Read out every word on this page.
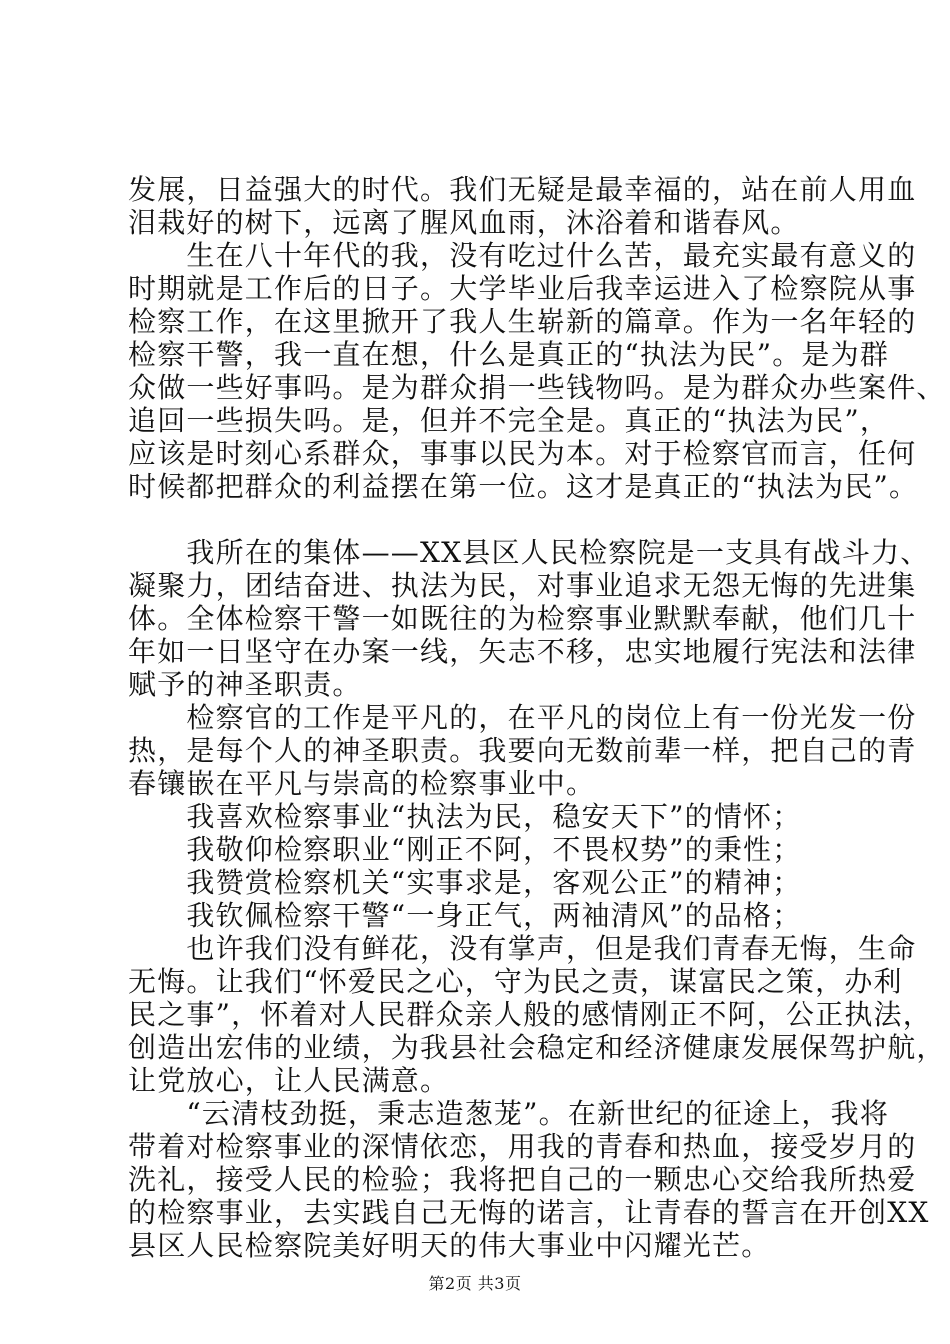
发展，日益强大的时代。我们无疑是最幸福的，站在前人用血
泪栽好的树下，远离了腥风血雨，沐浴着和谐春风。
　　生在八十年代的我，没有吃过什么苦，最充实最有意义的
时期就是工作后的日子。大学毕业后我幸运进入了检察院从事
检察工作，在这里掀开了我人生崭新的篇章。作为一名年轻的
检察干警，我一直在想，什么是真正的“执法为民”。是为群
众做一些好事吗。是为群众捐一些钱物吗。是为群众办些案件、
追回一些损失吗。是，但并不完全是。真正的“执法为民”，
应该是时刻心系群众，事事以民为本。对于检察官而言，任何
时候都把群众的利益摆在第一位。这才是真正的“执法为民”。
　　我所在的集体——XX县区人民检察院是一支具有战斗力、
凝聚力，团结奋进、执法为民，对事业追求无怨无悔的先进集
体。全体检察干警一如既往的为检察事业默默奉献，他们几十
年如一日坚守在办案一线，矢志不移，忠实地履行宪法和法律
赋予的神圣职责。
　　检察官的工作是平凡的，在平凡的岗位上有一份光发一份
热，是每个人的神圣职责。我要向无数前辈一样，把自己的青
春镶嵌在平凡与崇高的检察事业中。
　　我喜欢检察事业“执法为民，稳安天下”的情怀；
　　我敬仰检察职业“刚正不阿，不畏权势”的秉性；
　　我赞赏检察机关“实事求是，客观公正”的精神；
　　我钦佩检察干警“一身正气，两袖清风”的品格；
　　也许我们没有鲜花，没有掌声，但是我们青春无悔，生命
无悔。让我们“怀爱民之心，守为民之责，谋富民之策，办利
民之事”，怀着对人民群众亲人般的感情刚正不阿，公正执法，
创造出宏伟的业绩，为我县社会稳定和经济健康发展保驾护航，
让党放心，让人民满意。
　　“云清枝劲挺，秉志造葱茏”。在新世纪的征途上，我将
带着对检察事业的深情依恋，用我的青春和热血，接受岁月的
洗礼，接受人民的检验；我将把自己的一颗忠心交给我所热爱
的检察事业，去实践自己无悔的诺言，让青春的誓言在开创XX
县区人民检察院美好明天的伟大事业中闪耀光芒。
第2页 共3页
